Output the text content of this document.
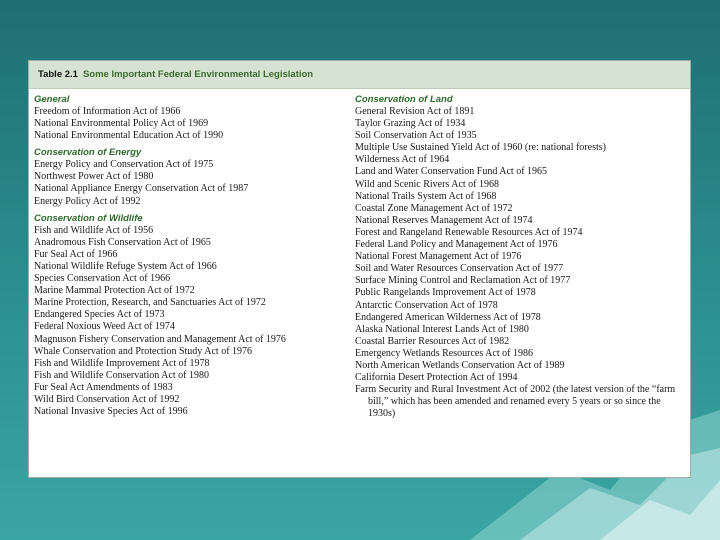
Table 2.1 Some Important Federal Environmental Legislation
General
Freedom of Information Act of 1966
National Environmental Policy Act of 1969
National Environmental Education Act of 1990
Conservation of Energy
Energy Policy and Conservation Act of 1975
Northwest Power Act of 1980
National Appliance Energy Conservation Act of 1987
Energy Policy Act of 1992
Conservation of Wildlife
Fish and Wildlife Act of 1956
Anadromous Fish Conservation Act of 1965
Fur Seal Act of 1966
National Wildlife Refuge System Act of 1966
Species Conservation Act of 1966
Marine Mammal Protection Act of 1972
Marine Protection, Research, and Sanctuaries Act of 1972
Endangered Species Act of 1973
Federal Noxious Weed Act of 1974
Magnuson Fishery Conservation and Management Act of 1976
Whale Conservation and Protection Study Act of 1976
Fish and Wildlife Improvement Act of 1978
Fish and Wildlife Conservation Act of 1980
Fur Seal Act Amendments of 1983
Wild Bird Conservation Act of 1992
National Invasive Species Act of 1996
Conservation of Land
General Revision Act of 1891
Taylor Grazing Act of 1934
Soil Conservation Act of 1935
Multiple Use Sustained Yield Act of 1960 (re: national forests)
Wilderness Act of 1964
Land and Water Conservation Fund Act of 1965
Wild and Scenic Rivers Act of 1968
National Trails System Act of 1968
Coastal Zone Management Act of 1972
National Reserves Management Act of 1974
Forest and Rangeland Renewable Resources Act of 1974
Federal Land Policy and Management Act of 1976
National Forest Management Act of 1976
Soil and Water Resources Conservation Act of 1977
Surface Mining Control and Reclamation Act of 1977
Public Rangelands Improvement Act of 1978
Antarctic Conservation Act of 1978
Endangered American Wilderness Act of 1978
Alaska National Interest Lands Act of 1980
Coastal Barrier Resources Act of 1982
Emergency Wetlands Resources Act of 1986
North American Wetlands Conservation Act of 1989
California Desert Protection Act of 1994
Farm Security and Rural Investment Act of 2002 (the latest version of the “farm bill,” which has been amended and renamed every 5 years or so since the 1930s)
